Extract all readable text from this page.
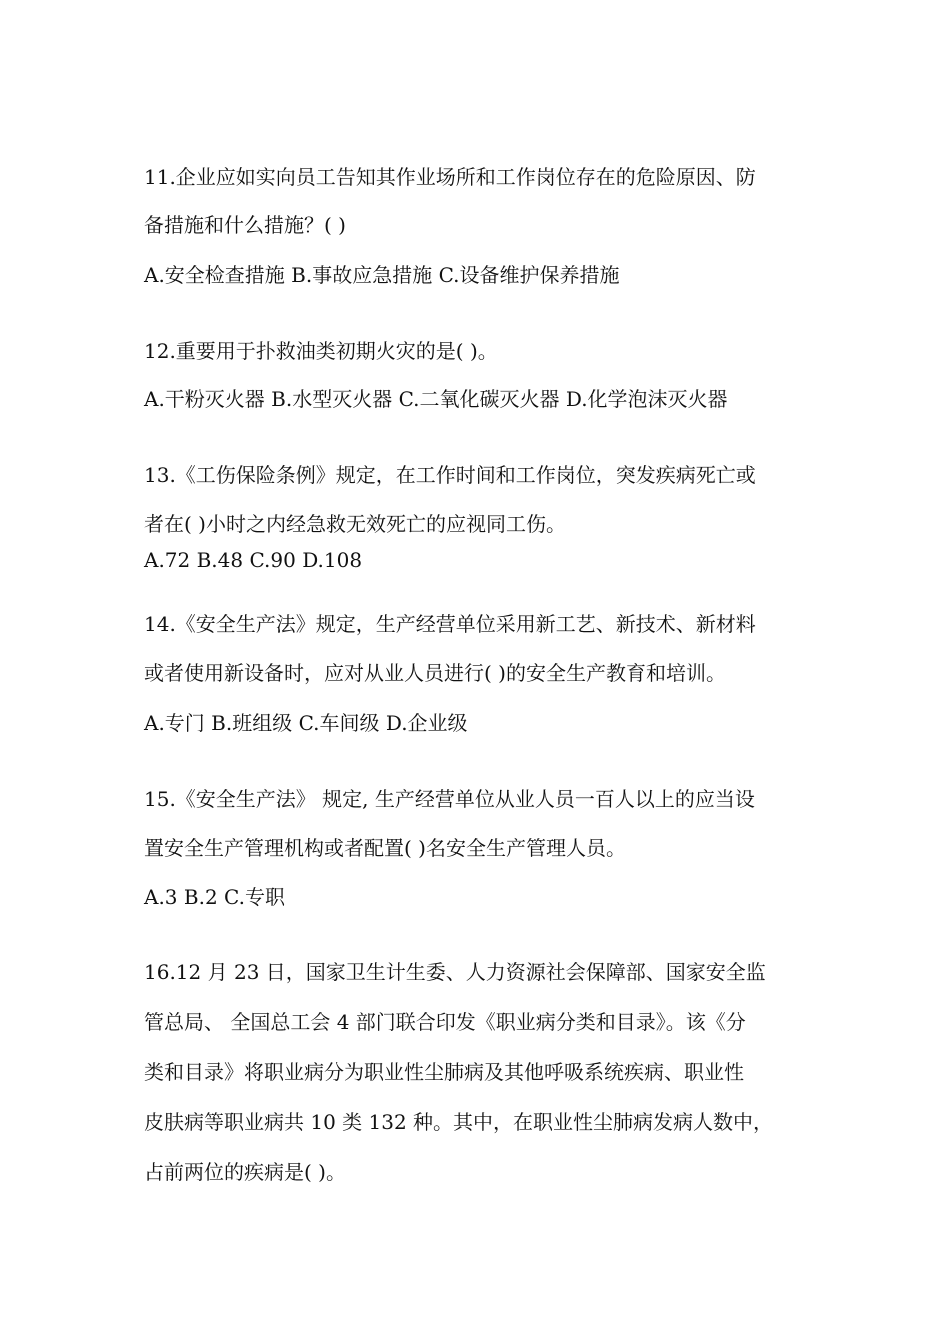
11.企业应如实向员工告知其作业场所和工作岗位存在的危险原因、防
备措施和什么措施？( )
A.安全检查措施 B.事故应急措施 C.设备维护保养措施
12.重要用于扑救油类初期火灾的是( )。
A.干粉灭火器 B.水型灭火器 C.二氧化碳灭火器 D.化学泡沫灭火器
13.《工伤保险条例》规定，在工作时间和工作岗位，突发疾病死亡或
者在( )小时之内经急救无效死亡的应视同工伤。
A.72 B.48 C.90 D.108
14.《安全生产法》规定，生产经营单位采用新工艺、新技术、新材料
或者使用新设备时，应对从业人员进行( )的安全生产教育和培训。
A.专门 B.班组级 C.车间级 D.企业级
15.《安全生产法》 规定, 生产经营单位从业人员一百人以上的应当设
置安全生产管理机构或者配置( )名安全生产管理人员。
A.3 B.2 C.专职
16.12 月 23 日，国家卫生计生委、人力资源社会保障部、国家安全监
管总局、 全国总工会 4 部门联合印发《职业病分类和目录》。该《分
类和目录》将职业病分为职业性尘肺病及其他呼吸系统疾病、职业性
皮肤病等职业病共 10 类 132 种。其中，在职业性尘肺病发病人数中，
占前两位的疾病是( )。
